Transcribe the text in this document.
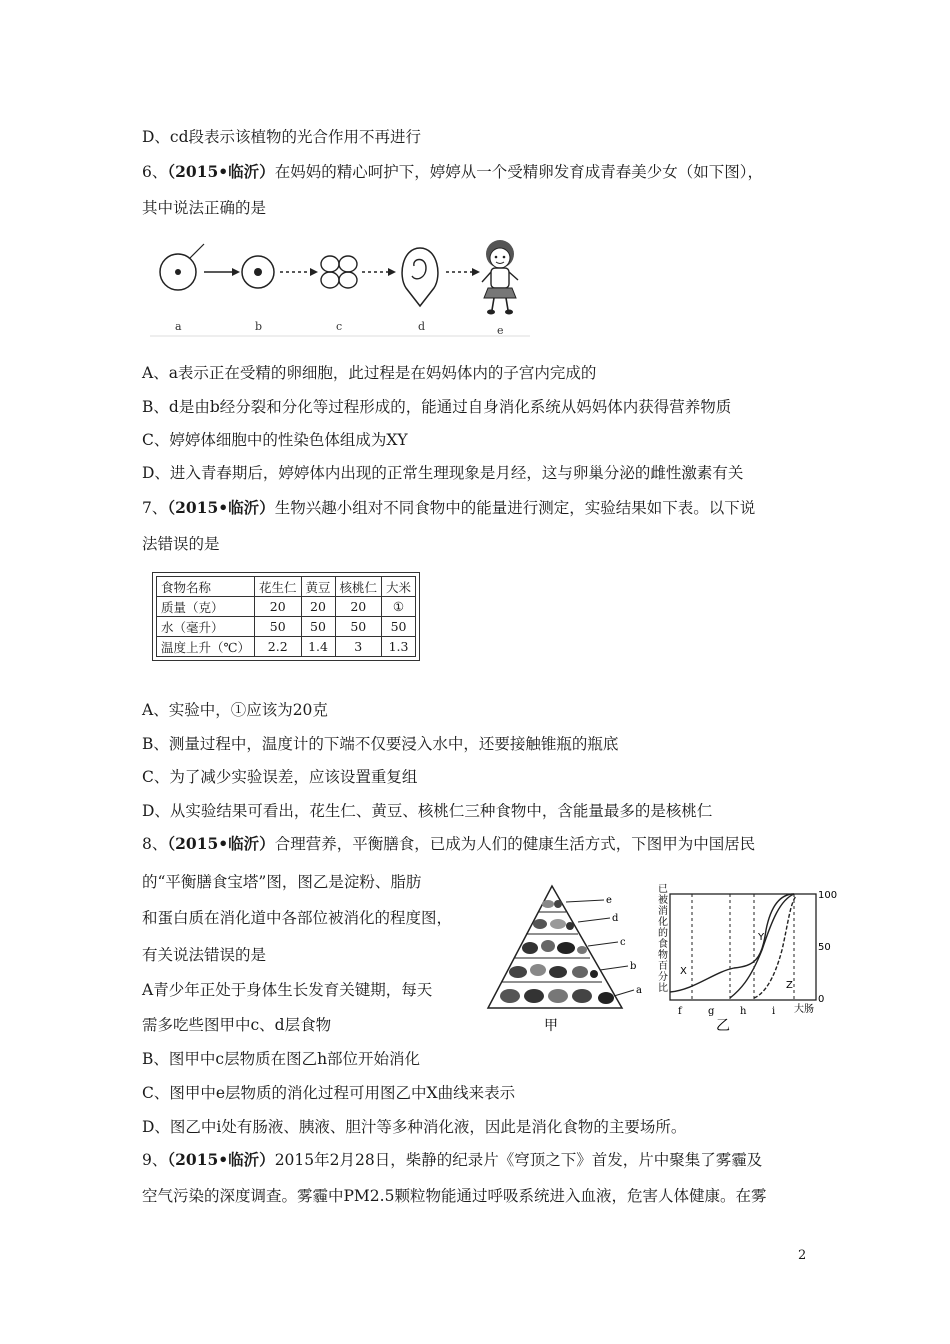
D、cd段表示该植物的光合作用不再进行
6、（2015•临沂）在妈妈的精心呵护下，婷婷从一个受精卵发育成青春美少女（如下图），
其中说法正确的是
a	b	c	d	e
A、a表示正在受精的卵细胞，此过程是在妈妈体内的子宫内完成的
B、d是由b经分裂和分化等过程形成的，能通过自身消化系统从妈妈体内获得营养物质
C、婷婷体细胞中的性染色体组成为XY
D、进入青春期后，婷婷体内出现的正常生理现象是月经，这与卵巢分泌的雌性激素有关
7、（2015•临沂）生物兴趣小组对不同食物中的能量进行测定，实验结果如下表。以下说
法错误的是
食物名称	花生仁	黄豆	核桃仁	大米
质量（克）	20	20	20	①
水（毫升）	50	50	50	50
温度上升（℃）	2.2	1.4	3	1.3
A、实验中，①应该为20克
B、测量过程中，温度计的下端不仅要浸入水中，还要接触锥瓶的瓶底
C、为了减少实验误差，应该设置重复组
D、从实验结果可看出，花生仁、黄豆、核桃仁三种食物中，含能量最多的是核桃仁
8、（2015•临沂）合理营养，平衡膳食，已成为人们的健康生活方式，下图甲为中国居民
的“平衡膳食宝塔”图，图乙是淀粉、脂肪
和蛋白质在消化道中各部位被消化的程度图，
有关说法错误的是
A青少年正处于身体生长发育关键期，每天
需多吃些图甲中c、d层食物
e
d
c
b
a
甲
已被消化的食物百分比
X
Y
Z
100
50
0
f	g	h	i 大肠
乙
B、图甲中c层物质在图乙h部位开始消化
C、图甲中e层物质的消化过程可用图乙中X曲线来表示
D、图乙中i处有肠液、胰液、胆汁等多种消化液，因此是消化食物的主要场所。
9、（2015•临沂）2015年2月28日，柴静的纪录片《穹顶之下》首发，片中聚集了雾霾及
空气污染的深度调查。雾霾中PM2.5颗粒物能通过呼吸系统进入血液，危害人体健康。在雾
2
